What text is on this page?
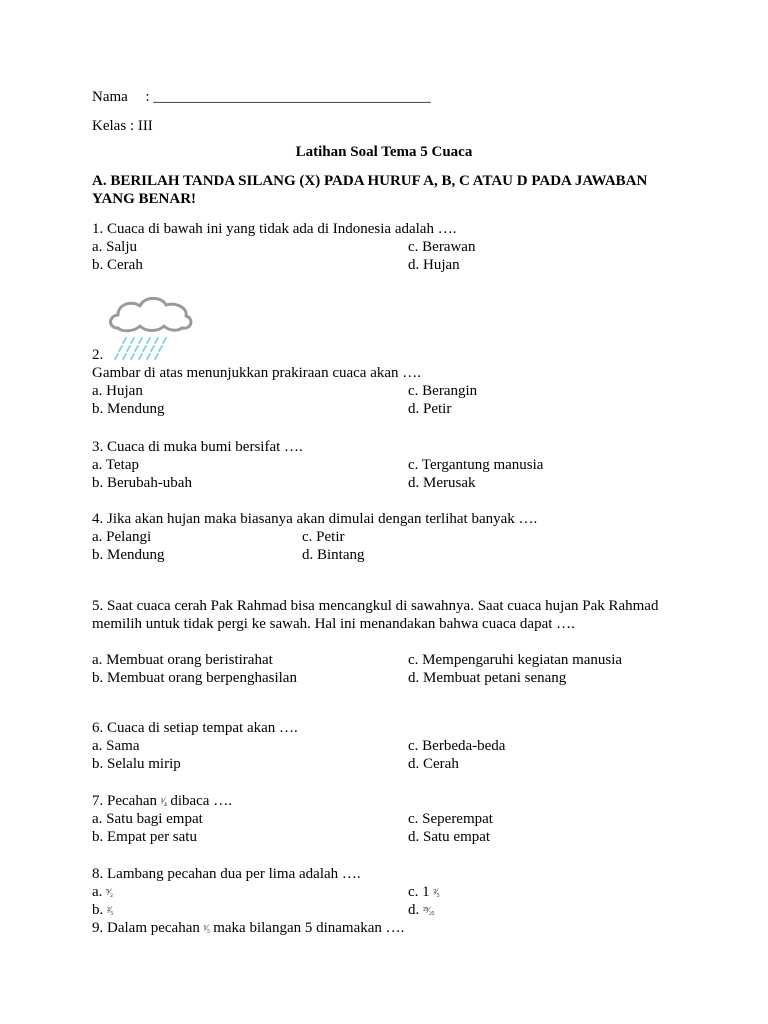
Nama : _____________________________________
Kelas : III
Latihan Soal Tema 5 Cuaca
A. BERILAH TANDA SILANG (X) PADA HURUF A, B, C ATAU D PADA JAWABAN YANG BENAR!
1. Cuaca di bawah ini yang tidak ada di Indonesia adalah ….
a. Salju	c. Berawan
b. Cerah	d. Hujan
2.
Gambar di atas menunjukkan prakiraan cuaca akan ….
a. Hujan	c. Berangin
b. Mendung	d. Petir
3. Cuaca di muka bumi bersifat ….
a. Tetap	c. Tergantung manusia
b. Berubah-ubah	d. Merusak
4. Jika akan hujan maka biasanya akan dimulai dengan terlihat banyak ….
a. Pelangi	c. Petir
b. Mendung	d. Bintang
5. Saat cuaca cerah Pak Rahmad bisa mencangkul di sawahnya. Saat cuaca hujan Pak Rahmad memilih untuk tidak pergi ke sawah. Hal ini menandakan bahwa cuaca dapat ….
a. Membuat orang beristirahat	c. Mempengaruhi kegiatan manusia
b. Membuat orang berpenghasilan	d. Membuat petani senang
6. Cuaca di setiap tempat akan ….
a. Sama	c. Berbeda-beda
b. Selalu mirip	d. Cerah
7. Pecahan ¹⁄₄ dibaca ….
a. Satu bagi empat	c. Seperempat
b. Empat per satu	d. Satu empat
8. Lambang pecahan dua per lima adalah ….
a. ⁵⁄₂	c. 1 ²⁄₅
b. ²⁄₅	d. ²⁵⁄₂₅
9. Dalam pecahan ¹⁄₅ maka bilangan 5 dinamakan ….
